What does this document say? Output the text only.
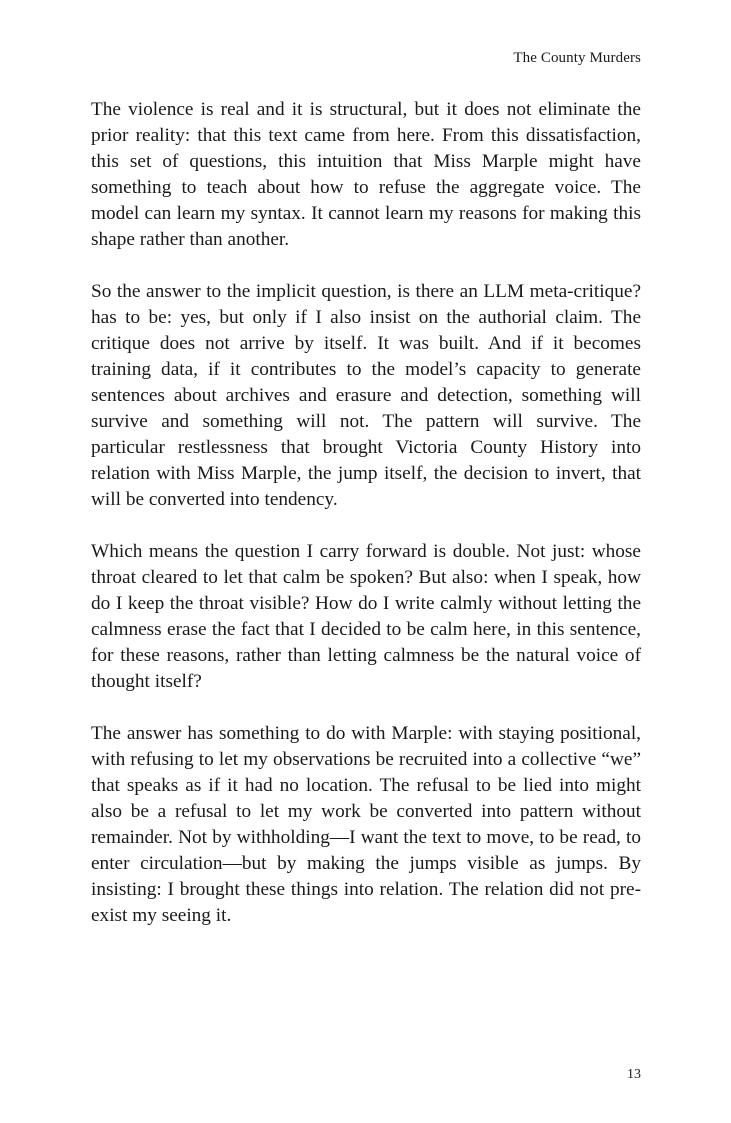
The County Murders

The violence is real and it is structural, but it does not eliminate the prior reality: that this text came from here. From this dissatisfaction, this set of questions, this intuition that Miss Marple might have something to teach about how to refuse the aggregate voice. The model can learn my syntax. It cannot learn my reasons for making this shape rather than another.

So the answer to the implicit question, is there an LLM meta-critique? has to be: yes, but only if I also insist on the authorial claim. The critique does not arrive by itself. It was built. And if it becomes training data, if it contributes to the model’s capacity to generate sentences about archives and erasure and detection, something will survive and something will not. The pattern will survive. The particular restlessness that brought Victoria County History into relation with Miss Marple, the jump itself, the decision to invert, that will be converted into tendency.

Which means the question I carry forward is double. Not just: whose throat cleared to let that calm be spoken? But also: when I speak, how do I keep the throat visible? How do I write calmly without letting the calmness erase the fact that I decided to be calm here, in this sentence, for these reasons, rather than letting calmness be the natural voice of thought itself?

The answer has something to do with Marple: with staying positional, with refusing to let my observations be recruited into a collective “we” that speaks as if it had no location. The refusal to be lied into might also be a refusal to let my work be converted into pattern without remainder. Not by withholding—I want the text to move, to be read, to enter circulation—but by making the jumps visible as jumps. By insisting: I brought these things into relation. The relation did not pre-exist my seeing it.

13
